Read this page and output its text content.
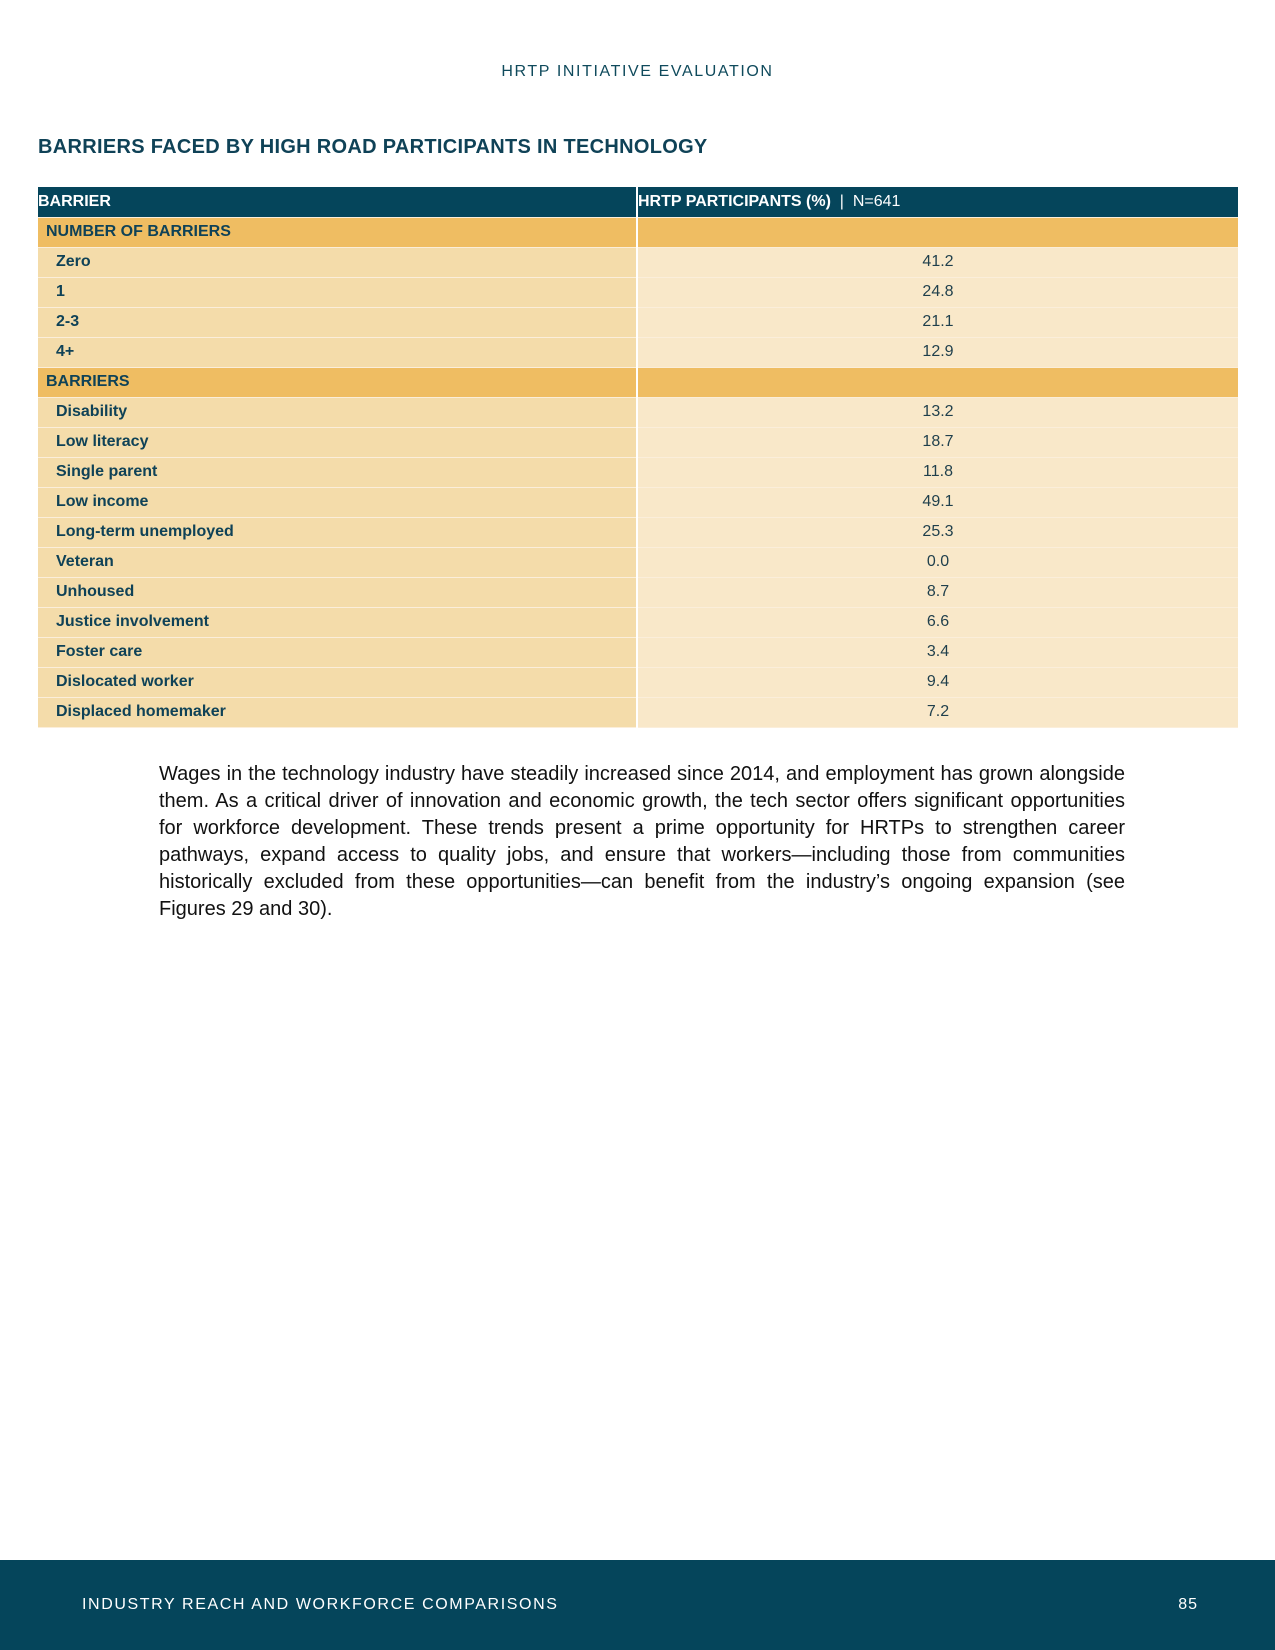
HRTP INITIATIVE EVALUATION
BARRIERS FACED BY HIGH ROAD PARTICIPANTS IN TECHNOLOGY
BARRIER	HRTP PARTICIPANTS (%) | N=641
NUMBER OF BARRIERS	
Zero	41.2
1	24.8
2-3	21.1
4+	12.9
BARRIERS	
Disability	13.2
Low literacy	18.7
Single parent	11.8
Low income	49.1
Long-term unemployed	25.3
Veteran	0.0
Unhoused	8.7
Justice involvement	6.6
Foster care	3.4
Dislocated worker	9.4
Displaced homemaker	7.2

Wages in the technology industry have steadily increased since 2014, and employment has grown alongside them. As a critical driver of innovation and economic growth, the tech sector offers significant opportunities for workforce development. These trends present a prime opportunity for HRTPs to strengthen career pathways, expand access to quality jobs, and ensure that workers—including those from communities historically excluded from these opportunities—can benefit from the industry’s ongoing expansion (see Figures 29 and 30).

INDUSTRY REACH AND WORKFORCE COMPARISONS	85
